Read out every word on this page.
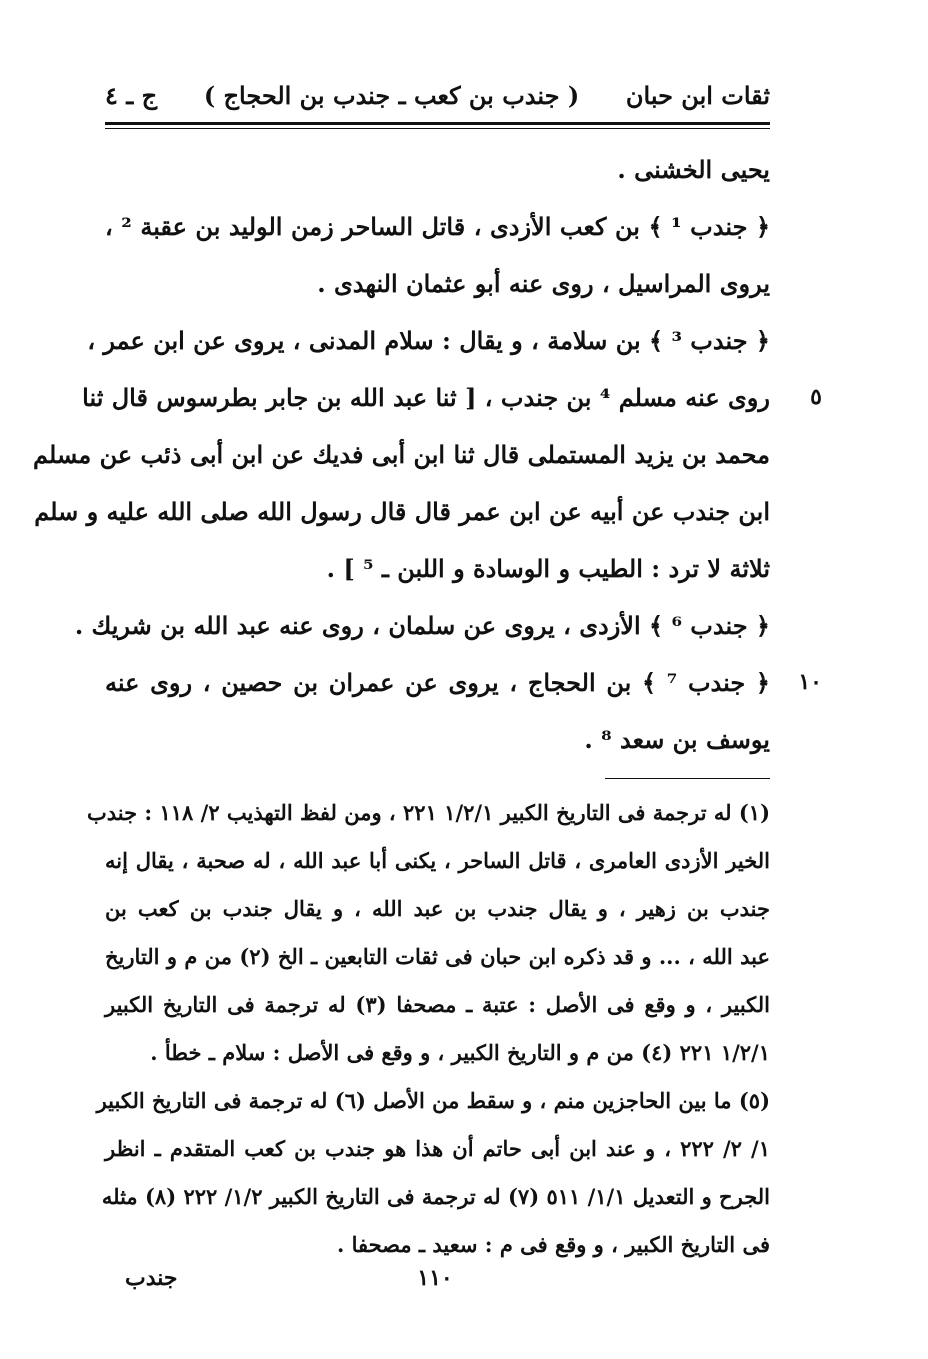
ثقات ابن حبان
( جندب بن كعب ـ جندب بن الحجاج )
ج ـ ٤
يحيى الخشنى .
﴿ جندب ¹ ﴾ بن كعب الأزدى ، قاتل الساحر زمن الوليد بن عقبة ² ،
يروى المراسيل ، روى عنه أبو عثمان النهدى .
﴿ جندب ³ ﴾ بن سلامة ، و يقال : سلام المدنى ، يروى عن ابن عمر ،
روى عنه مسلم ⁴ بن جندب ، [ ثنا عبد الله بن جابر بطرسوس قال ثنا	٥
محمد بن يزيد المستملى قال ثنا ابن أبى فديك عن ابن أبى ذئب عن مسلم
ابن جندب عن أبيه عن ابن عمر قال قال رسول الله صلى الله عليه و سلم
ثلاثة لا ترد : الطيب و الوسادة و اللبن ـ ⁵ ] .
﴿ جندب ⁶ ﴾ الأزدى ، يروى عن سلمان ، روى عنه عبد الله بن شريك .
﴿ جندب ⁷ ﴾ بن الحجاج ، يروى عن عمران بن حصين ، روى عنه	١٠
يوسف بن سعد ⁸ .
(١) له ترجمة فى التاريخ الكبير ١/٢/١ ٢٢١ ، ومن لفظ التهذيب ٢/ ١١٨ : جندب
الخير الأزدى العامرى ، قاتل الساحر ، يكنى أبا عبد الله ، له صحبة ، يقال إنه
جندب بن زهير ، و يقال جندب بن عبد الله ، و يقال جندب بن كعب بن
عبد الله ، ... و قد ذكره ابن حبان فى ثقات التابعين ـ الخ (٢) من م و التاريخ
الكبير ، و وقع فى الأصل : عتبة ـ مصحفا (٣) له ترجمة فى التاريخ الكبير
١/٢/١ ٢٢١ (٤) من م و التاريخ الكبير ، و وقع فى الأصل : سلام ـ خطأ .
(٥) ما بين الحاجزين منم ، و سقط من الأصل (٦) له ترجمة فى التاريخ الكبير
١/ ٢/ ٢٢٢ ، و عند ابن أبى حاتم أن هذا هو جندب بن كعب المتقدم ـ انظر
الجرح و التعديل ١/١/ ٥١١ (٧) له ترجمة فى التاريخ الكبير ١/٢/ ٢٢٢ (٨) مثله
فى التاريخ الكبير ، و وقع فى م : سعيد ـ مصحفا .
١١٠
جندب
